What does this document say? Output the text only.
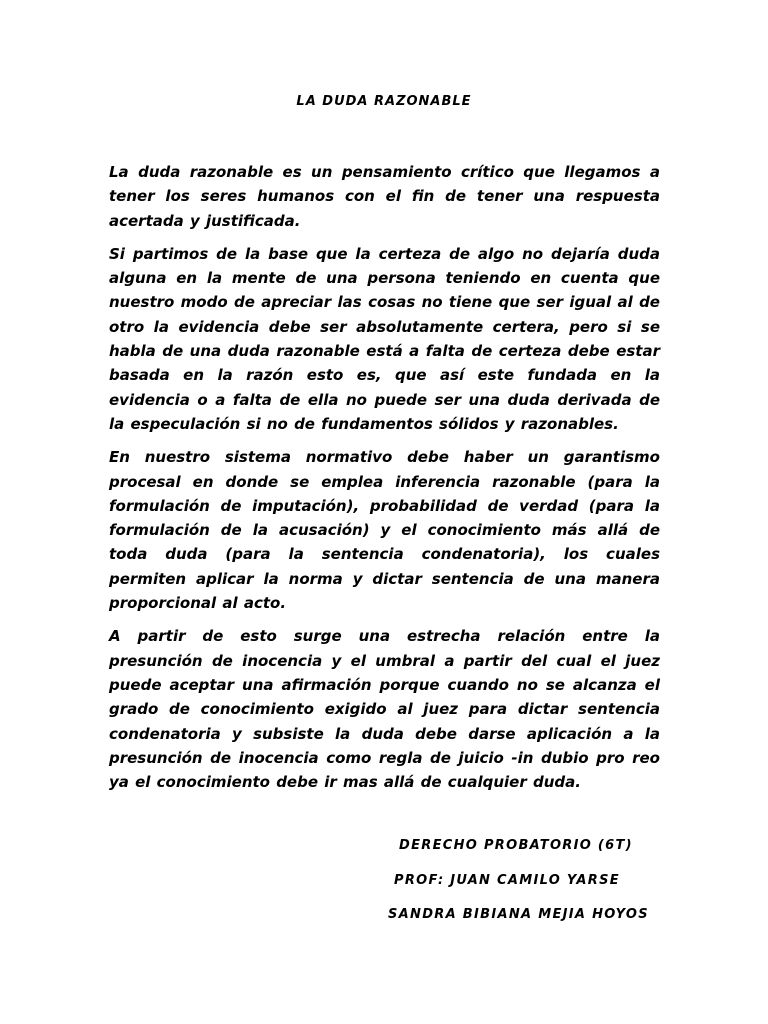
LA DUDA RAZONABLE

La duda razonable es un pensamiento crítico que llegamos a tener los seres humanos con el fin de tener una respuesta acertada y justificada.

Si partimos de la base que la certeza de algo no dejaría duda alguna en la mente de una persona teniendo en cuenta que nuestro modo de apreciar las cosas no tiene que ser igual al de otro la evidencia debe ser absolutamente certera, pero si se habla de una duda razonable está a falta de certeza debe estar basada en la razón esto es, que así este fundada en la evidencia o a falta de ella no puede ser una duda derivada de la especulación si no de fundamentos sólidos y razonables.

En nuestro sistema normativo debe haber un garantismo procesal en donde se emplea inferencia razonable (para la formulación de imputación), probabilidad de verdad (para la formulación de la acusación) y el conocimiento más allá de toda duda (para la sentencia condenatoria), los cuales permiten aplicar la norma y dictar sentencia de una manera proporcional al acto.

A partir de esto surge una estrecha relación entre la presunción de inocencia y el umbral a partir del cual el juez puede aceptar una afirmación porque cuando no se alcanza el grado de conocimiento exigido al juez para dictar sentencia condenatoria y subsiste la duda debe darse aplicación a la presunción de inocencia como regla de juicio -in dubio pro reo ya el conocimiento debe ir mas allá de cualquier duda.

DERECHO PROBATORIO (6T)

PROF: JUAN CAMILO YARSE

SANDRA BIBIANA MEJIA HOYOS
